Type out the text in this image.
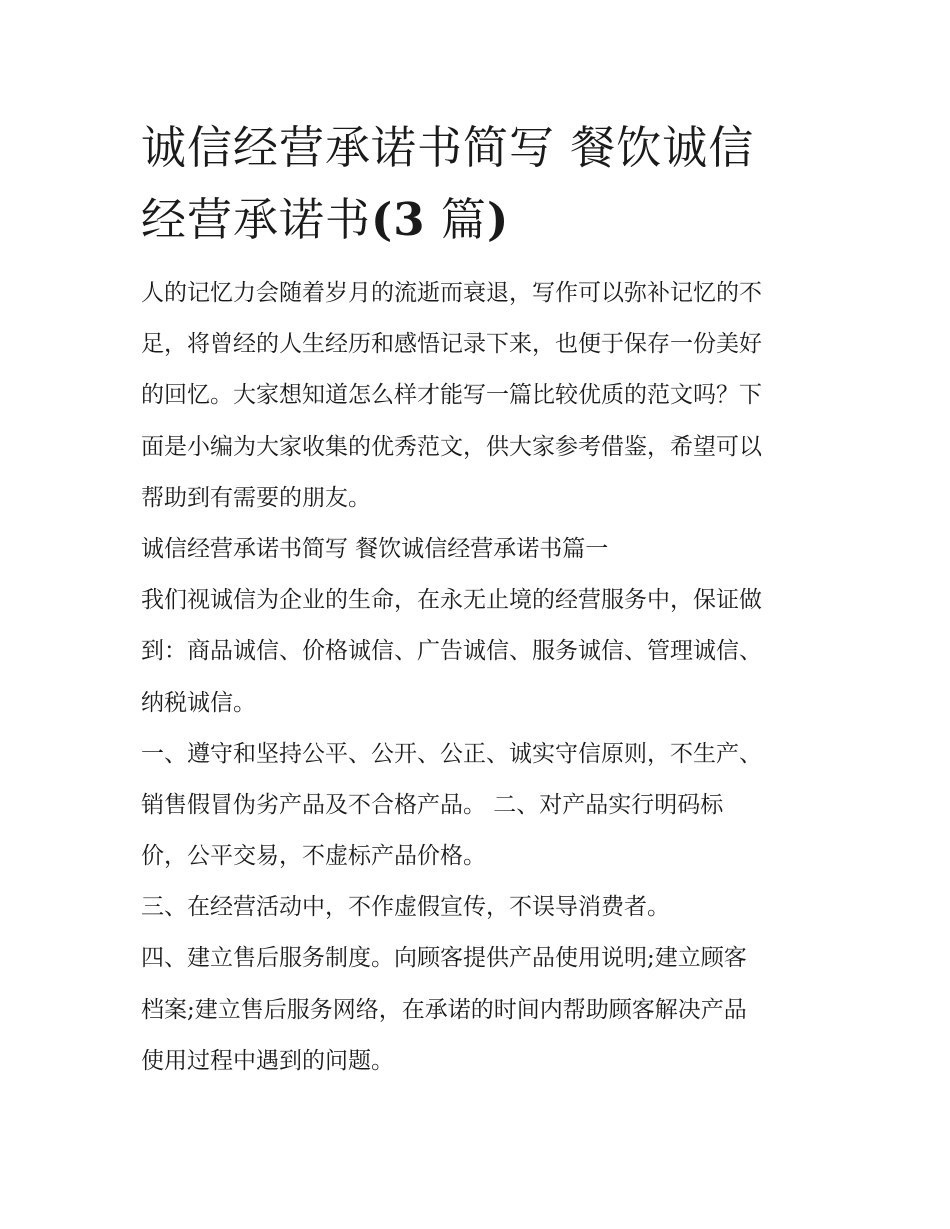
诚信经营承诺书简写 餐饮诚信
经营承诺书(3 篇)
人的记忆力会随着岁月的流逝而衰退，写作可以弥补记忆的不
足，将曾经的人生经历和感悟记录下来，也便于保存一份美好
的回忆。大家想知道怎么样才能写一篇比较优质的范文吗？下
面是小编为大家收集的优秀范文，供大家参考借鉴，希望可以
帮助到有需要的朋友。
诚信经营承诺书简写 餐饮诚信经营承诺书篇一
我们视诚信为企业的生命，在永无止境的经营服务中，保证做
到：商品诚信、价格诚信、广告诚信、服务诚信、管理诚信、
纳税诚信。
一、遵守和坚持公平、公开、公正、诚实守信原则，不生产、
销售假冒伪劣产品及不合格产品。 二、对产品实行明码标
价，公平交易，不虚标产品价格。
三、在经营活动中，不作虚假宣传，不误导消费者。
四、建立售后服务制度。向顾客提供产品使用说明;建立顾客
档案;建立售后服务网络，在承诺的时间内帮助顾客解决产品
使用过程中遇到的问题。
